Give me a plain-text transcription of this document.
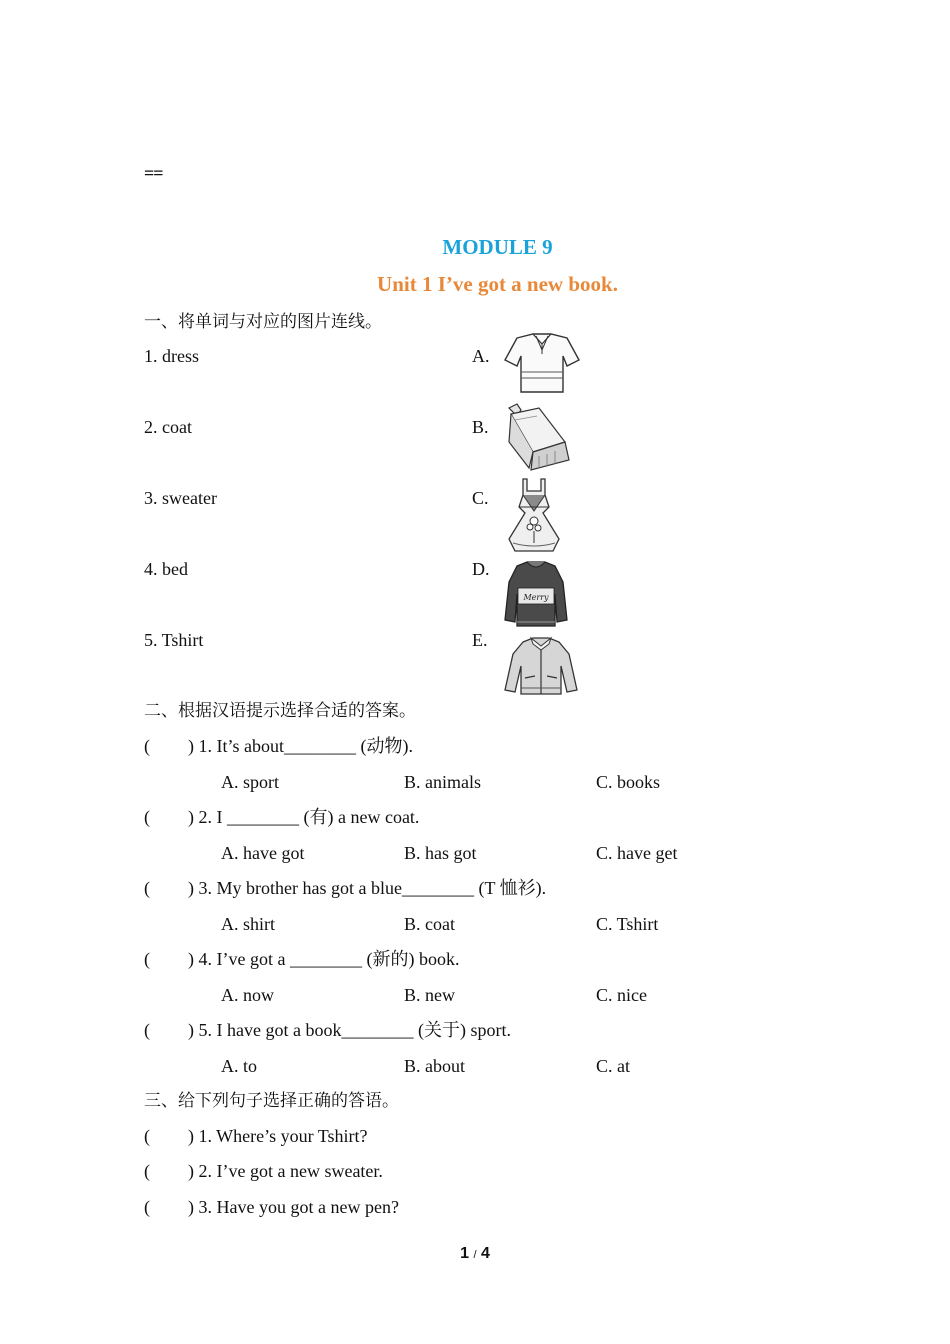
==
MODULE 9
Unit 1 I’ve got a new book.
一、将单词与对应的图片连线。
1. dress
2. coat
3. sweater
4. bed
5. Tshirt
A.
B.
C.
D.
E.
Merry
二、根据汉语提示选择合适的答案。
( ) 1. It’s about________ (动物).
A. sport	B. animals	C. books
( ) 2. I ________ (有) a new coat.
A. have got	B. has got	C. have get
( ) 3. My brother has got a blue________ (T 恤衫).
A. shirt	B. coat	C. Tshirt
( ) 4. I’ve got a ________ (新的) book.
A. now	B. new	C. nice
( ) 5. I have got a book________ (关于) sport.
A. to	B. about	C. at
三、给下列句子选择正确的答语。
( ) 1. Where’s your Tshirt?
( ) 2. I’ve got a new sweater.
( ) 3. Have you got a new pen?
1 / 4
